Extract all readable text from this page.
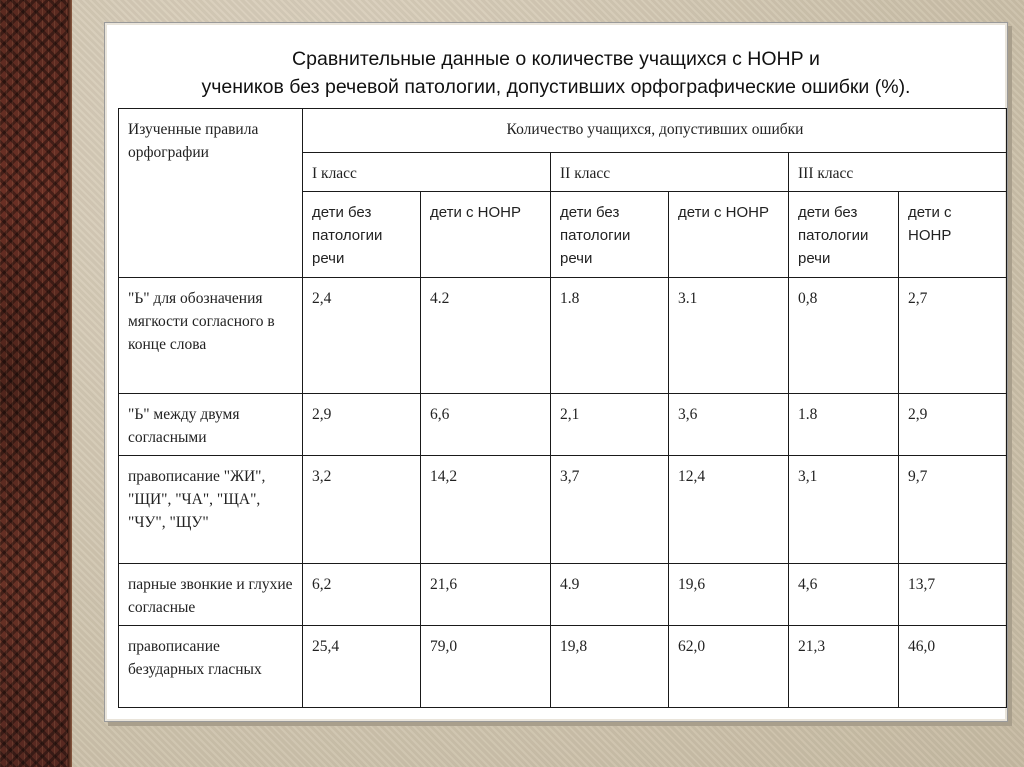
Сравнительные данные о количестве учащихся с НОНР и
учеников без речевой патологии, допустивших орфографические ошибки (%).
Изученные правила орфографии	Количество учащихся, допустивших ошибки					
	I класс		II класс		III класс	
	дети без патологии речи	дети с НОНР	дети без патологии речи	дети с НОНР	дети без патологии речи	дети с НОНР
"Ь" для обозначения мягкости согласного в конце слова	2,4	4.2	1.8	3.1	0,8	2,7
"Ь" между двумя согласными	2,9	6,6	2,1	3,6	1.8	2,9
правописание "ЖИ", "ЩИ", "ЧА", "ЩА", "ЧУ", "ЩУ"	3,2	14,2	3,7	12,4	3,1	9,7
парные звонкие и глухие согласные	6,2	21,6	4.9	19,6	4,6	13,7
правописание безударных гласных	25,4	79,0	19,8	62,0	21,3	46,0
